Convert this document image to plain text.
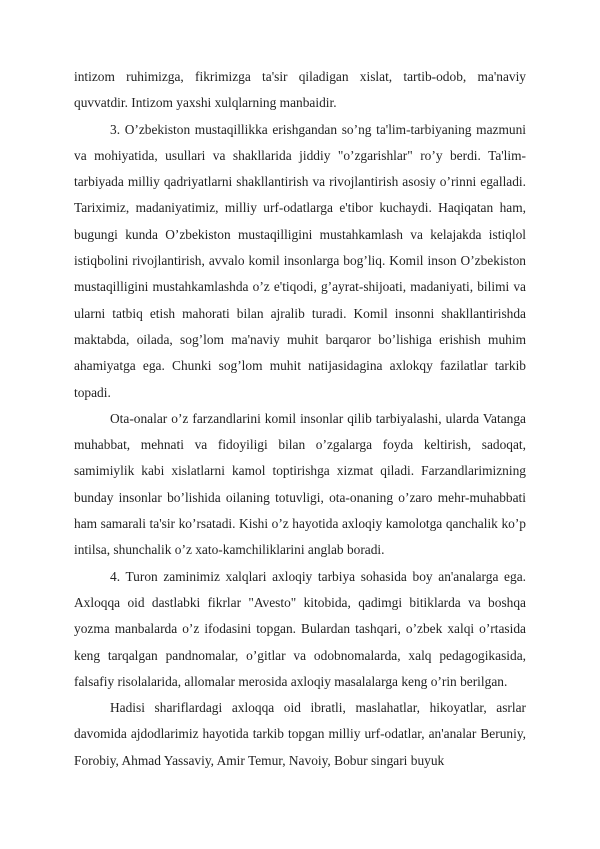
intizom ruhimizga, fikrimizga ta'sir qiladigan xislat, tartib-odob, ma'naviy quvvatdir. Intizom yaxshi xulqlarning manbaidir.

3. O’zbekiston mustaqillikka erishgandan so’ng ta'lim-tarbiyaning mazmuni va mohiyatida, usullari va shakllarida jiddiy "o’zgarishlar" ro’y berdi. Ta'lim-tarbiyada milliy qadriyatlarni shakllantirish va rivojlantirish asosiy o’rinni egalladi. Tariximiz, madaniyatimiz, milliy urf-odatlarga e'tibor kuchaydi. Haqiqatan ham, bugungi kunda O’zbekiston mustaqilligini mustahkamlash va kelajakda istiqlol istiqbolini rivojlantirish, avvalo komil insonlarga bog’liq. Komil inson O’zbekiston mustaqilligini mustahkamlashda o’z e'tiqodi, g’ayrat-shijoati, madaniyati, bilimi va ularni tatbiq etish mahorati bilan ajralib turadi. Komil insonni shakllantirishda maktabda, oilada, sog’lom ma'naviy muhit barqaror bo’lishiga erishish muhim ahamiyatga ega. Chunki sog’lom muhit natijasidagina axlokqy fazilatlar tarkib topadi.

Ota-onalar o’z farzandlarini komil insonlar qilib tarbiyalashi, ularda Vatanga muhabbat, mehnati va fidoyiligi bilan o’zgalarga foyda keltirish, sadoqat, samimiylik kabi xislatlarni kamol toptirishga xizmat qiladi. Farzandlarimizning bunday insonlar bo’lishida oilaning totuvligi, ota-onaning o’zaro mehr-muhabbati ham samarali ta'sir ko’rsatadi. Kishi o’z hayotida axloqiy kamolotga qanchalik ko’p intilsa, shunchalik o’z xato-kamchiliklarini anglab boradi.

4. Turon zaminimiz xalqlari axloqiy tarbiya sohasida boy an'analarga ega. Axloqqa oid dastlabki fikrlar "Avesto" kitobida, qadimgi bitiklarda va boshqa yozma manbalarda o’z ifodasini topgan. Bulardan tashqari, o’zbek xalqi o’rtasida keng tarqalgan pandnomalar, o’gitlar va odobnomalarda, xalq pedagogikasida, falsafiy risolalarida, allomalar merosida axloqiy masalalarga keng o’rin berilgan.

Hadisi shariflardagi axloqqa oid ibratli, maslahatlar, hikoyatlar, asrlar davomida ajdodlarimiz hayotida tarkib topgan milliy urf-odatlar, an'analar Beruniy, Forobiy, Ahmad Yassaviy, Amir Temur, Navoiy, Bobur singari buyuk
